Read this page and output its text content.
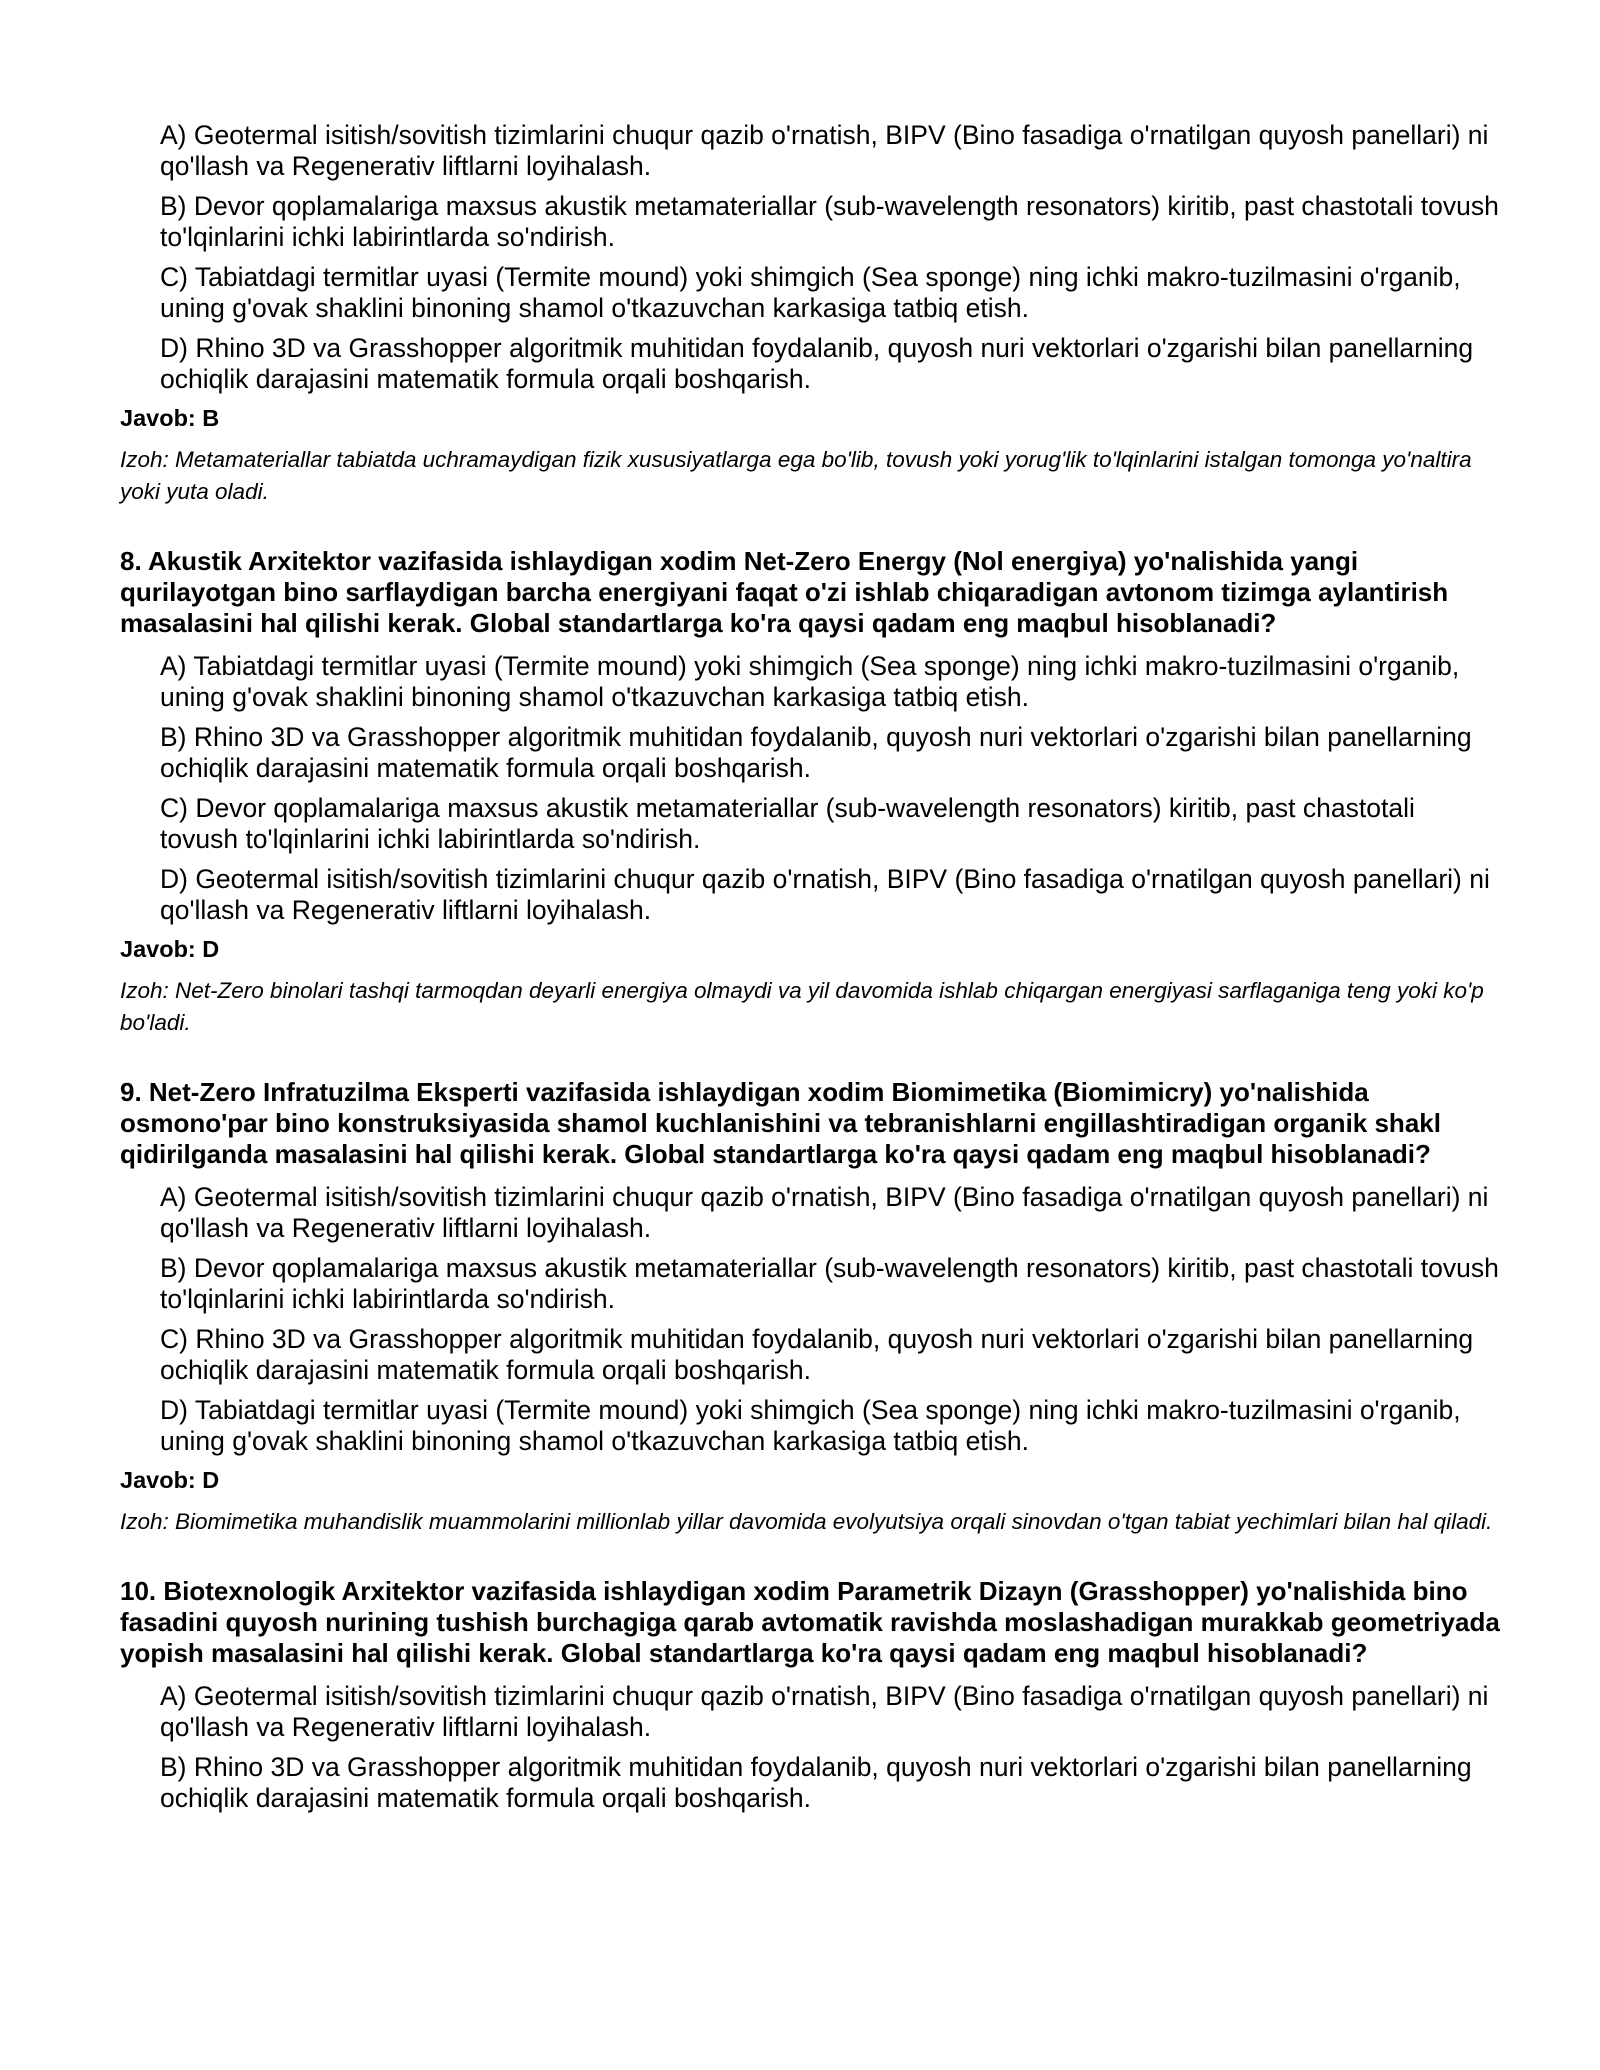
A) Geotermal isitish/sovitish tizimlarini chuqur qazib o'rnatish, BIPV (Bino fasadiga o'rnatilgan quyosh panellari) ni qo'llash va Regenerativ liftlarni loyihalash.

B) Devor qoplamalariga maxsus akustik metamateriallar (sub-wavelength resonators) kiritib, past chastotali tovush to'lqinlarini ichki labirintlarda so'ndirish.

C) Tabiatdagi termitlar uyasi (Termite mound) yoki shimgich (Sea sponge) ning ichki makro-tuzilmasini o'rganib, uning g'ovak shaklini binoning shamol o'tkazuvchan karkasiga tatbiq etish.

D) Rhino 3D va Grasshopper algoritmik muhitidan foydalanib, quyosh nuri vektorlari o'zgarishi bilan panellarning ochiqlik darajasini matematik formula orqali boshqarish.

Javob: B

Izoh: Metamateriallar tabiatda uchramaydigan fizik xususiyatlarga ega bo'lib, tovush yoki yorug'lik to'lqinlarini istalgan tomonga yo'naltira yoki yuta oladi.

8. Akustik Arxitektor vazifasida ishlaydigan xodim Net-Zero Energy (Nol energiya) yo'nalishida yangi qurilayotgan bino sarflaydigan barcha energiyani faqat o'zi ishlab chiqaradigan avtonom tizimga aylantirish masalasini hal qilishi kerak. Global standartlarga ko'ra qaysi qadam eng maqbul hisoblanadi?

A) Tabiatdagi termitlar uyasi (Termite mound) yoki shimgich (Sea sponge) ning ichki makro-tuzilmasini o'rganib, uning g'ovak shaklini binoning shamol o'tkazuvchan karkasiga tatbiq etish.

B) Rhino 3D va Grasshopper algoritmik muhitidan foydalanib, quyosh nuri vektorlari o'zgarishi bilan panellarning ochiqlik darajasini matematik formula orqali boshqarish.

C) Devor qoplamalariga maxsus akustik metamateriallar (sub-wavelength resonators) kiritib, past chastotali tovush to'lqinlarini ichki labirintlarda so'ndirish.

D) Geotermal isitish/sovitish tizimlarini chuqur qazib o'rnatish, BIPV (Bino fasadiga o'rnatilgan quyosh panellari) ni qo'llash va Regenerativ liftlarni loyihalash.

Javob: D

Izoh: Net-Zero binolari tashqi tarmoqdan deyarli energiya olmaydi va yil davomida ishlab chiqargan energiyasi sarflaganiga teng yoki ko'p bo'ladi.

9. Net-Zero Infratuzilma Eksperti vazifasida ishlaydigan xodim Biomimetika (Biomimicry) yo'nalishida osmono'par bino konstruksiyasida shamol kuchlanishini va tebranishlarni engillashtiradigan organik shakl qidirilganda masalasini hal qilishi kerak. Global standartlarga ko'ra qaysi qadam eng maqbul hisoblanadi?

A) Geotermal isitish/sovitish tizimlarini chuqur qazib o'rnatish, BIPV (Bino fasadiga o'rnatilgan quyosh panellari) ni qo'llash va Regenerativ liftlarni loyihalash.

B) Devor qoplamalariga maxsus akustik metamateriallar (sub-wavelength resonators) kiritib, past chastotali tovush to'lqinlarini ichki labirintlarda so'ndirish.

C) Rhino 3D va Grasshopper algoritmik muhitidan foydalanib, quyosh nuri vektorlari o'zgarishi bilan panellarning ochiqlik darajasini matematik formula orqali boshqarish.

D) Tabiatdagi termitlar uyasi (Termite mound) yoki shimgich (Sea sponge) ning ichki makro-tuzilmasini o'rganib, uning g'ovak shaklini binoning shamol o'tkazuvchan karkasiga tatbiq etish.

Javob: D

Izoh: Biomimetika muhandislik muammolarini millionlab yillar davomida evolyutsiya orqali sinovdan o'tgan tabiat yechimlari bilan hal qiladi.

10. Biotexnologik Arxitektor vazifasida ishlaydigan xodim Parametrik Dizayn (Grasshopper) yo'nalishida bino fasadini quyosh nurining tushish burchagiga qarab avtomatik ravishda moslashadigan murakkab geometriyada yopish masalasini hal qilishi kerak. Global standartlarga ko'ra qaysi qadam eng maqbul hisoblanadi?

A) Geotermal isitish/sovitish tizimlarini chuqur qazib o'rnatish, BIPV (Bino fasadiga o'rnatilgan quyosh panellari) ni qo'llash va Regenerativ liftlarni loyihalash.

B) Rhino 3D va Grasshopper algoritmik muhitidan foydalanib, quyosh nuri vektorlari o'zgarishi bilan panellarning ochiqlik darajasini matematik formula orqali boshqarish.
